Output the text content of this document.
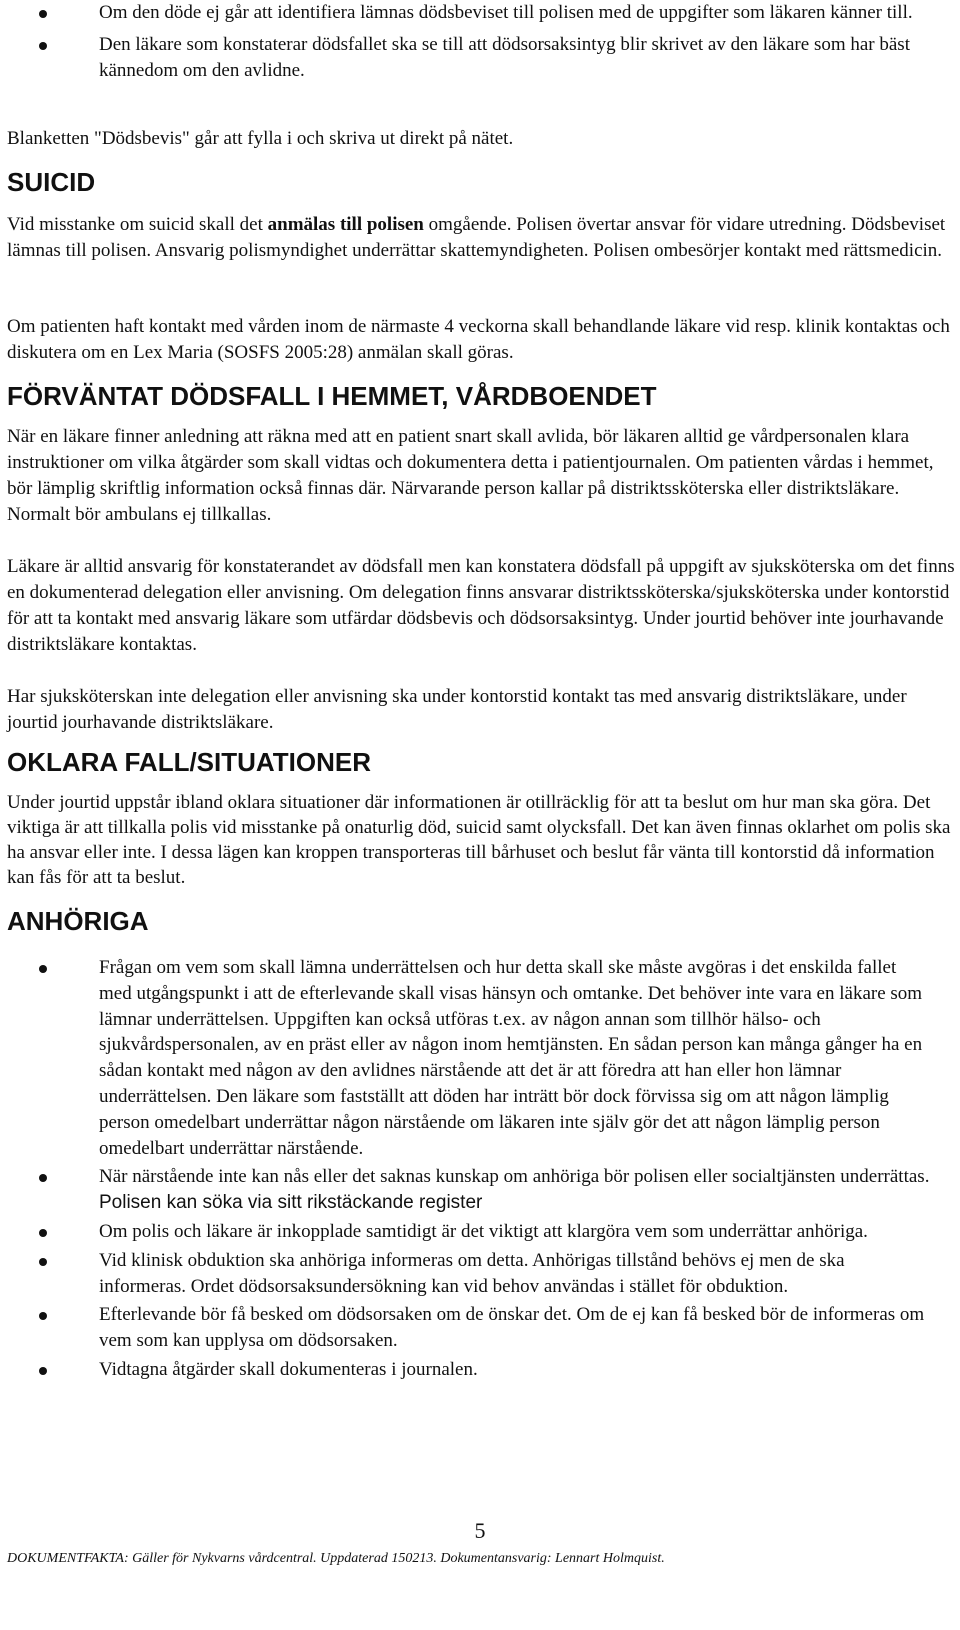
Om den döde ej går att identifiera lämnas dödsbeviset till polisen med de uppgifter som läkaren känner till.
Den läkare som konstaterar dödsfallet ska se till att dödsorsaksintyg blir skrivet av den läkare som har bäst kännedom om den avlidne.

Blanketten "Dödsbevis" går att fylla i och skriva ut direkt på nätet.

SUICID

Vid misstanke om suicid skall det anmälas till polisen omgående. Polisen övertar ansvar för vidare utredning. Dödsbeviset lämnas till polisen. Ansvarig polismyndighet underrättar skattemyndigheten. Polisen ombesörjer kontakt med rättsmedicin.

Om patienten haft kontakt med vården inom de närmaste 4 veckorna skall behandlande läkare vid resp. klinik kontaktas och diskutera om en Lex Maria (SOSFS 2005:28) anmälan skall göras.

FÖRVÄNTAT DÖDSFALL I HEMMET, VÅRDBOENDET

När en läkare finner anledning att räkna med att en patient snart skall avlida, bör läkaren alltid ge vårdpersonalen klara instruktioner om vilka åtgärder som skall vidtas och dokumentera detta i patientjournalen. Om patienten vårdas i hemmet, bör lämplig skriftlig information också finnas där. Närvarande person kallar på distriktssköterska eller distriktsläkare. Normalt bör ambulans ej tillkallas.

Läkare är alltid ansvarig för konstaterandet av dödsfall men kan konstatera dödsfall på uppgift av sjuksköterska om det finns en dokumenterad delegation eller anvisning. Om delegation finns ansvarar distriktssköterska/sjuksköterska under kontorstid för att ta kontakt med ansvarig läkare som utfärdar dödsbevis och dödsorsaksintyg. Under jourtid behöver inte jourhavande distriktsläkare kontaktas.

Har sjuksköterskan inte delegation eller anvisning ska under kontorstid kontakt tas med ansvarig distriktsläkare, under jourtid jourhavande distriktsläkare.

OKLARA FALL/SITUATIONER

Under jourtid uppstår ibland oklara situationer där informationen är otillräcklig för att ta beslut om hur man ska göra. Det viktiga är att tillkalla polis vid misstanke på onaturlig död, suicid samt olycksfall. Det kan även finnas oklarhet om polis ska ha ansvar eller inte. I dessa lägen kan kroppen transporteras till bårhuset och beslut får vänta till kontorstid då information kan fås för att ta beslut.

ANHÖRIGA
Frågan om vem som skall lämna underrättelsen och hur detta skall ske måste avgöras i det enskilda fallet med utgångspunkt i att de efterlevande skall visas hänsyn och omtanke. Det behöver inte vara en läkare som lämnar underrättelsen. Uppgiften kan också utföras t.ex. av någon annan som tillhör hälso- och sjukvårdspersonalen, av en präst eller av någon inom hemtjänsten. En sådan person kan många gånger ha en sådan kontakt med någon av den avlidnes närstående att det är att föredra att han eller hon lämnar underrättelsen. Den läkare som fastställt att döden har inträtt bör dock förvissa sig om att någon lämplig person omedelbart underrättar någon närstående om läkaren inte själv gör det att någon lämplig person omedelbart underrättar närstående.
När närstående inte kan nås eller det saknas kunskap om anhöriga bör polisen eller socialtjänsten underrättas. Polisen kan söka via sitt rikstäckande register
Om polis och läkare är inkopplade samtidigt är det viktigt att klargöra vem som underrättar anhöriga.
Vid klinisk obduktion ska anhöriga informeras om detta. Anhörigas tillstånd behövs ej men de ska informeras. Ordet dödsorsaksundersökning kan vid behov användas i stället för obduktion.
Efterlevande bör få besked om dödsorsaken om de önskar det. Om de ej kan få besked bör de informeras om vem som kan upplysa om dödsorsaken.
Vidtagna åtgärder skall dokumenteras i journalen.
5
DOKUMENTFAKTA: Gäller för Nykvarns vårdcentral. Uppdaterad 150213. Dokumentansvarig: Lennart Holmquist.
